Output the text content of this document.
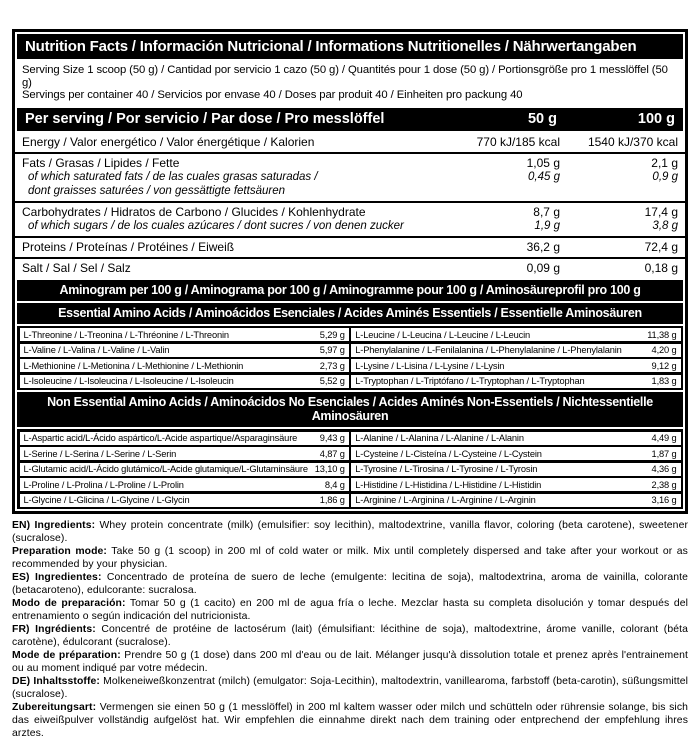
Nutrition Facts / Información Nutricional / Informations Nutritionelles / Nährwertangaben
Serving Size 1 scoop (50 g) / Cantidad por servicio 1 cazo (50 g) / Quantités pour 1 dose (50 g) / Portionsgröße pro 1 messlöffel (50 g)
Servings per container 40 / Servicios por envase 40 / Doses par produit 40 / Einheiten pro packung 40
Per serving / Por servicio / Par dose / Pro messlöffel	50 g	100 g
Energy / Valor energético / Valor énergétique / Kalorien	770 kJ/185 kcal	1540 kJ/370 kcal
Fats / Grasas / Lipides / Fette	1,05 g	2,1 g
of which saturated fats / de las cuales grasas saturadas /	0,45 g	0,9 g
dont graisses saturées / von gessättigte fettsäuren
Carbohydrates / Hidratos de Carbono / Glucides / Kohlenhydrate	8,7 g	17,4 g
of which sugars / de los cuales azúcares / dont sucres / von denen zucker	1,9 g	3,8 g
Proteins / Proteínas / Protéines / Eiweiß	36,2 g	72,4 g
Salt / Sal / Sel / Salz	0,09 g	0,18 g
Aminogram per 100 g / Aminograma por 100 g / Aminogramme pour 100 g / Aminosäureprofil pro 100 g
Essential Amino Acids / Aminoácidos Esenciales / Acides Aminés Essentiels / Essentielle Aminosäuren
L-Threonine / L-Treonina / L-Thréonine / L-Threonin	5,29 g L-Leucine / L-Leucina / L-Leucine / L-Leucin	11,38 g
L-Valine / L-Valina / L-Valine / L-Valin	5,97 g L-Phenylalanine / L-Fenilalanina / L-Phenylalanine / L-Phenylalanin	4,20 g
L-Methionine / L-Metionina / L-Methionine / L-Methionin	2,73 g L-Lysine / L-Lisina / L-Lysine / L-Lysin	9,12 g
L-Isoleucine / L-Isoleucina / L-Isoleucine / L-Isoleucin	5,52 g L-Tryptophan / L-Triptófano / L-Tryptophan / L-Tryptophan	1,83 g
Non Essential Amino Acids / Aminoácidos No Esenciales / Acides Aminés Non-Essentiels / Nichtessentielle Aminosäuren
L-Aspartic acid/L-Ácido aspártico/L-Acide aspartique/Asparaginsäure	9,43 g L-Alanine / L-Alanina / L-Alanine / L-Alanin	4,49 g
L-Serine / L-Serina / L-Serine / L-Serin	4,87 g L-Cysteine / L-Cisteína / L-Cysteine / L-Cystein	1,87 g
L-Glutamic acid/L-Ácido glutámico/L-Acide glutamique/L-Glutaminsäure 13,10 g L-Tyrosine / L-Tirosina / L-Tyrosine / L-Tyrosin	4,36 g
L-Proline / L-Prolina / L-Proline / L-Prolin	8,4 g L-Histidine / L-Histidina / L-Histidine / L-Histidin	2,38 g
L-Glycine / L-Glicina / L-Glycine / L-Glycin	1,86 g L-Arginine / L-Arginina / L-Arginine / L-Arginin	3,16 g

EN) Ingredients: Whey protein concentrate (milk) (emulsifier: soy lecithin), maltodextrine, vanilla flavor, coloring (beta carotene), sweetener (sucralose).

Preparation mode: Take 50 g (1 scoop) in 200 ml of cold water or milk. Mix until completely dispersed and take after your workout or as recommended by your physician.

ES) Ingredientes: Concentrado de proteína de suero de leche (emulgente: lecitina de soja), maltodextrina, aroma de vainilla, colorante (betacaroteno), edulcorante: sucralosa.

Modo de preparación: Tomar 50 g (1 cacito) en 200 ml de agua fría o leche. Mezclar hasta su completa disolución y tomar después del entrenamiento o según indicación del nutricionista.

FR) Ingrédients: Concentré de protéine de lactosérum (lait) (émulsifiant: lécithine de soja), maltodextrine, árome vanille, colorant (béta carotène), édulcorant (sucralose).

Mode de préparation: Prendre 50 g (1 dose) dans 200 ml d'eau ou de lait. Mélanger jusqu'à dissolution totale et prenez après l'entrainement ou au moment indiqué par votre médecin.

DE) Inhaltsstoffe: Molkeneiweßkonzentrat (milch) (emulgator: Soja-Lecithin), maltodextrin, vanillearoma, farbstoff (beta-carotin), süßungsmittel (sucralose).

Zubereitungsart: Vermengen sie einen 50 g (1 messlöffel) in 200 ml kaltem wasser oder milch und schütteln oder rührensie solange, bis sich das eiweißpulver vollständig aufgelöst hat. Wir empfehlen die einnahme direkt nach dem training oder entprechend der empfehlung ihres arztes.
